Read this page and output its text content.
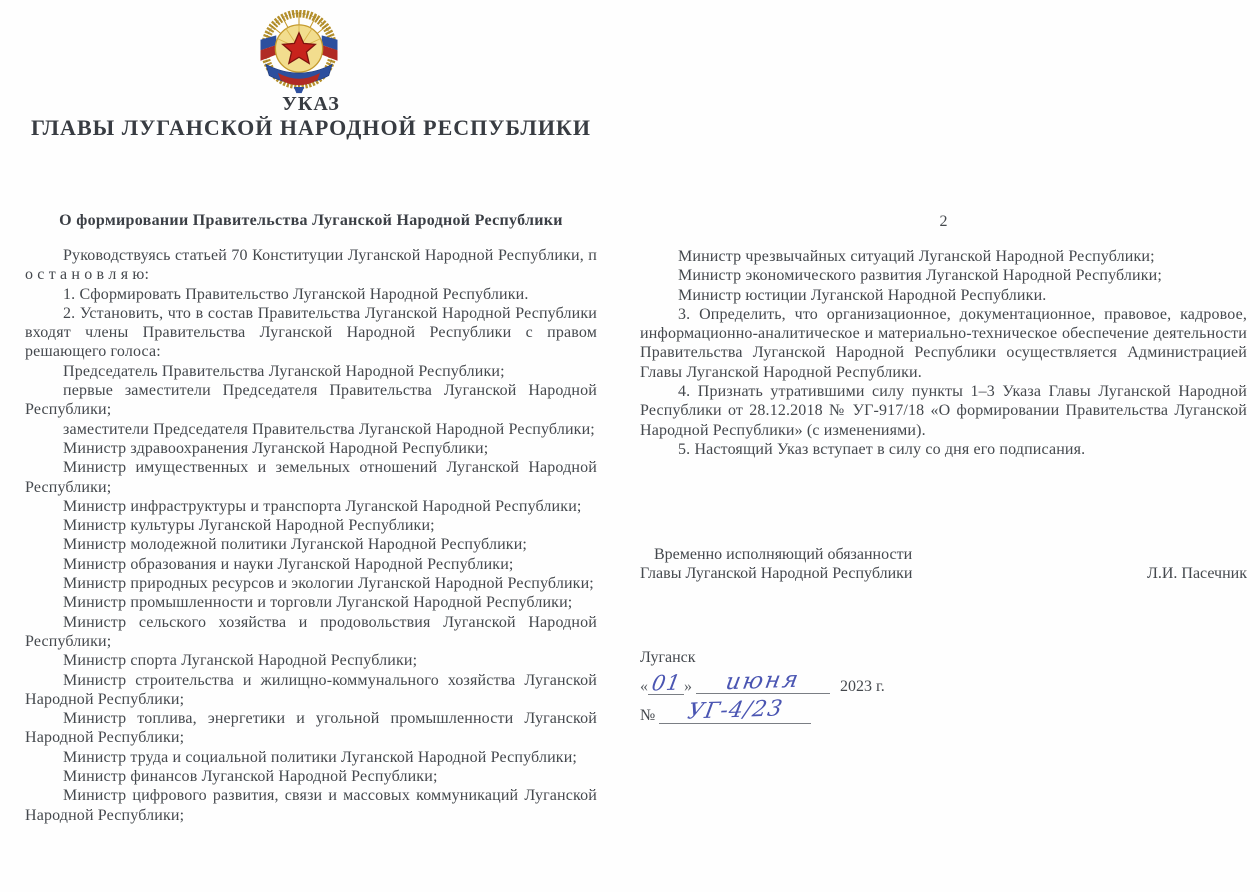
УКАЗ
ГЛАВЫ ЛУГАНСКОЙ НАРОДНОЙ РЕСПУБЛИКИ
О формировании Правительства Луганской Народной Республики

Руководствуясь статьей 70 Конституции Луганской Народной Республики, п о с т а н о в л я ю:

1. Сформировать Правительство Луганской Народной Республики.

2. Установить, что в состав Правительства Луганской Народной Республики входят члены Правительства Луганской Народной Республики с правом решающего голоса:

Председатель Правительства Луганской Народной Республики;

первые заместители Председателя Правительства Луганской Народной Республики;

заместители Председателя Правительства Луганской Народной Республики;

Министр здравоохранения Луганской Народной Республики;

Министр имущественных и земельных отношений Луганской Народной Республики;

Министр инфраструктуры и транспорта Луганской Народной Республики;

Министр культуры Луганской Народной Республики;

Министр молодежной политики Луганской Народной Республики;

Министр образования и науки Луганской Народной Республики;

Министр природных ресурсов и экологии Луганской Народной Республики;

Министр промышленности и торговли Луганской Народной Республики;

Министр сельского хозяйства и продовольствия Луганской Народной Республики;

Министр спорта Луганской Народной Республики;

Министр строительства и жилищно-коммунального хозяйства Луганской Народной Республики;

Министр топлива, энергетики и угольной промышленности Луганской Народной Республики;

Министр труда и социальной политики Луганской Народной Республики;

Министр финансов Луганской Народной Республики;

Министр цифрового развития, связи и массовых коммуникаций Луганской Народной Республики;

2

Министр чрезвычайных ситуаций Луганской Народной Республики;

Министр экономического развития Луганской Народной Республики;

Министр юстиции Луганской Народной Республики.

3. Определить, что организационное, документационное, правовое, кадровое, информационно-аналитическое и материально-техническое обеспечение деятельности Правительства Луганской Народной Республики осуществляется Администрацией Главы Луганской Народной Республики.

4. Признать утратившими силу пункты 1–3 Указа Главы Луганской Народной Республики от 28.12.2018 № УГ-917/18 «О формировании Правительства Луганской Народной Республики» (с изменениями).

5. Настоящий Указ вступает в силу со дня его подписания.

Временно исполняющий обязанности
Главы Луганской Народной Республики	Л.И. Пасечник
Луганск
«01» июня 2023 г.
№ УГ-4/23
